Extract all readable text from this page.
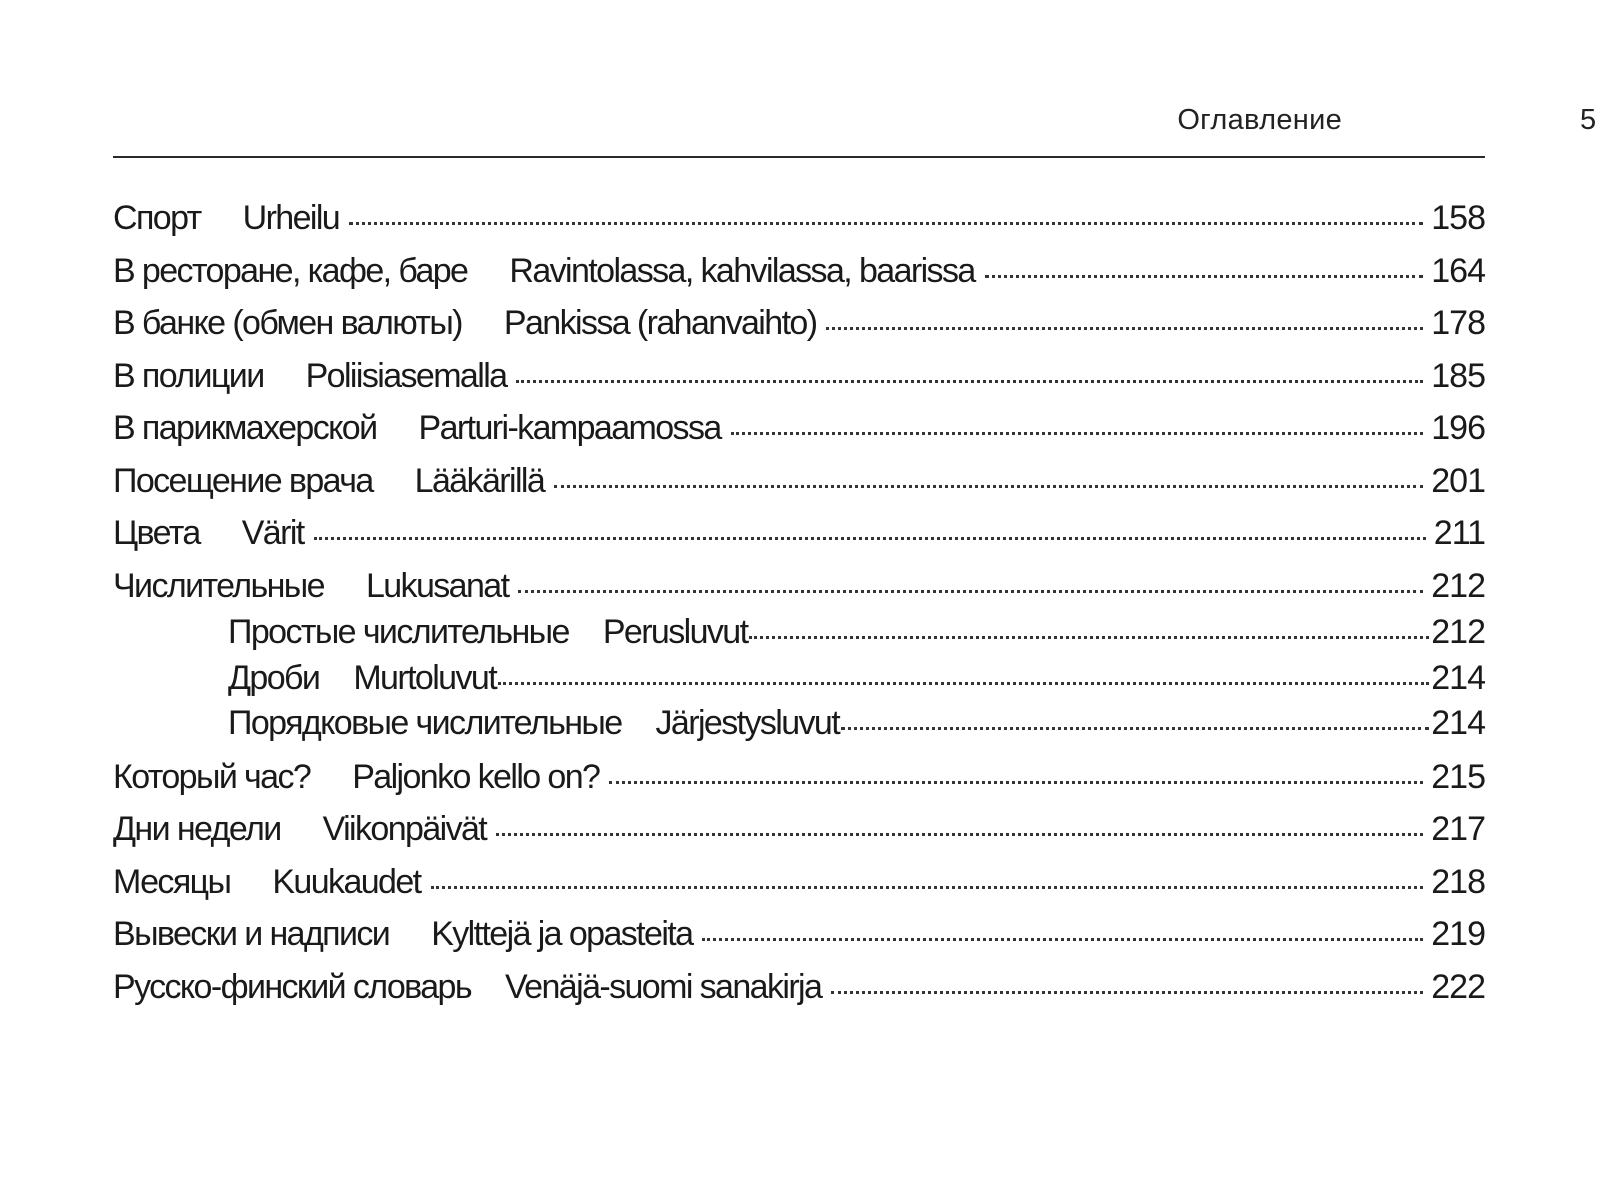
Оглавление	5
Спорт Urheilu	158
В ресторане, кафе, баре Ravintolassa, kahvilassa, baarissa	164
В банке (обмен валюты) Pankissa (rahanvaihto)	178
В полиции Poliisiasemalla	185
В парикмахерской Parturi-kampaamossa	196
Посещение врача Lääkärillä	201
Цвета Värit	211
Числительные Lukusanat	212
Простые числительные Perusluvut	212
Дроби Murtoluvut	214
Порядковые числительные Järjestysluvut	214
Который час? Paljonko kello on?	215
Дни недели Viikonpäivät	217
Месяцы Kuukaudet	218
Вывески и надписи Kylttejä ja opasteita	219
Русско-финский словарь Venäjä-suomi sanakirja	222
